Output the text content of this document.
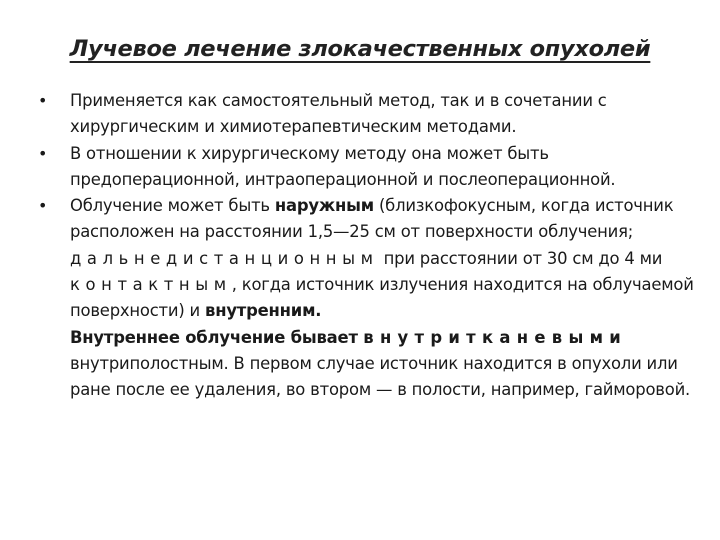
Лучевое лечение злокачественных опухолей
•	Применяется как самостоятельный метод, так и в сочетании с хирургическим и химиотерапевтическим методами.
•	В отношении к хирургическому методу она может быть предоперационной, интраоперационной и послеоперационной.
•	Облучение может быть наружным (близкофокусным, когда источник расположен на расстоянии 1,5—25 см от поверхности облучения; дальнедистанционным при расстоянии от 30 см до 4 ми контактным, когда источник излучения находится на облучаемой поверхности) и внутренним.
Внутреннее облучение бывает внутритканевыми внутриполостным. В первом случае источник находится в опухоли или ране после ее удаления, во втором — в полости, например, гайморовой.
